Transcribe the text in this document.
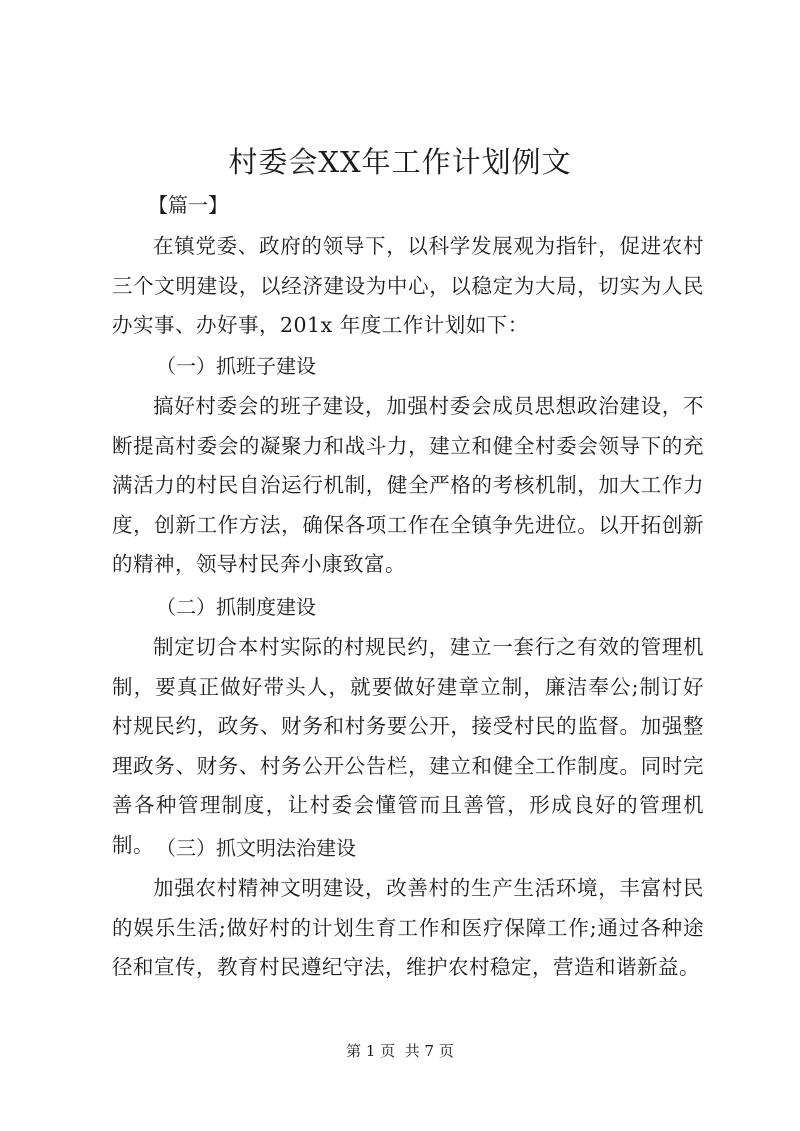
村委会XX年工作计划例文
【篇一】

在镇党委、政府的领导下，以科学发展观为指针，促进农村三个文明建设，以经济建设为中心，以稳定为大局，切实为人民办实事、办好事，201x 年度工作计划如下：

（一）抓班子建设

搞好村委会的班子建设，加强村委会成员思想政治建设，不断提高村委会的凝聚力和战斗力，建立和健全村委会领导下的充满活力的村民自治运行机制，健全严格的考核机制，加大工作力度，创新工作方法，确保各项工作在全镇争先进位。以开拓创新的精神，领导村民奔小康致富。

（二）抓制度建设

制定切合本村实际的村规民约，建立一套行之有效的管理机制，要真正做好带头人，就要做好建章立制，廉洁奉公;制订好村规民约，政务、财务和村务要公开，接受村民的监督。加强整理政务、财务、村务公开公告栏，建立和健全工作制度。同时完善各种管理制度，让村委会懂管而且善管，形成良好的管理机制。 （三）抓文明法治建设

加强农村精神文明建设，改善村的生产生活环境，丰富村民的娱乐生活;做好村的计划生育工作和医疗保障工作;通过各种途径和宣传，教育村民遵纪守法，维护农村稳定，营造和谐新益。

第 1 页  共 7 页
